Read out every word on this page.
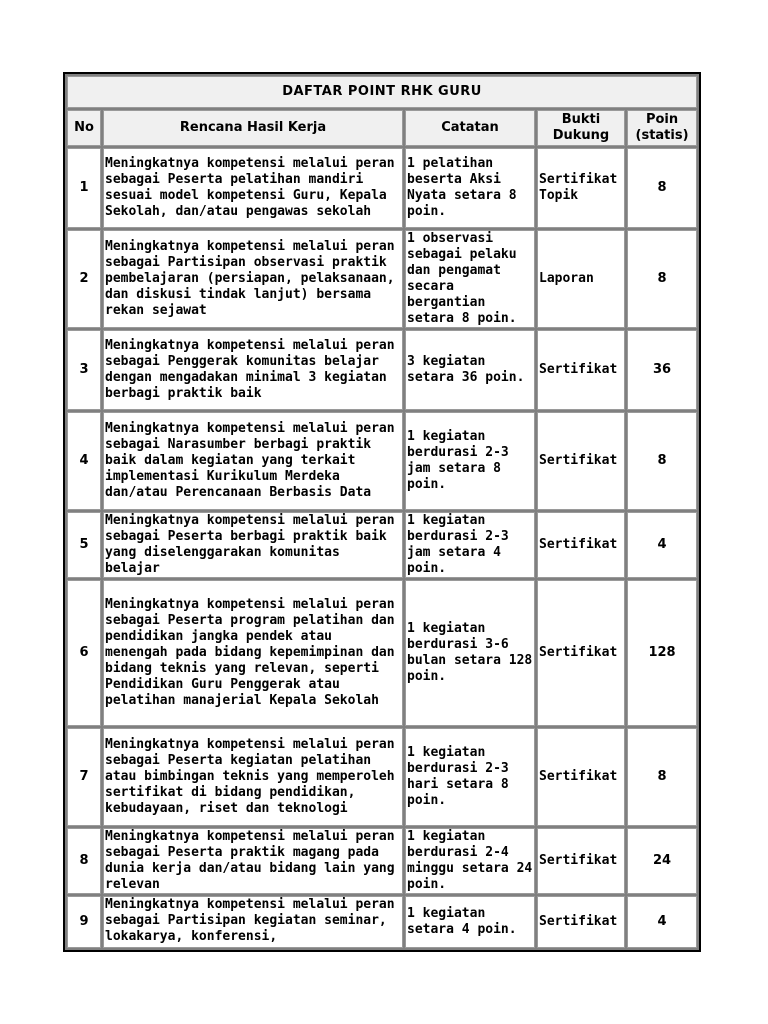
DAFTAR POINT RHK GURU				
No	Rencana Hasil Kerja	Catatan	Bukti Dukung	Poin (statis)
1	Meningkatnya kompetensi melalui peran sebagai Peserta pelatihan mandiri sesuai model kompetensi Guru, Kepala Sekolah, dan/atau pengawas sekolah	1 pelatihan beserta Aksi Nyata setara 8 poin.	Sertifikat Topik	8
2	Meningkatnya kompetensi melalui peran sebagai Partisipan observasi praktik pembelajaran (persiapan, pelaksanaan, dan diskusi tindak lanjut) bersama rekan sejawat	1 observasi sebagai pelaku dan pengamat secara bergantian setara 8 poin.	Laporan	8
3	Meningkatnya kompetensi melalui peran sebagai Penggerak komunitas belajar dengan mengadakan minimal 3 kegiatan berbagi praktik baik	3 kegiatan setara 36 poin.	Sertifikat	36
4	Meningkatnya kompetensi melalui peran sebagai Narasumber berbagi praktik baik dalam kegiatan yang terkait implementasi Kurikulum Merdeka dan/atau Perencanaan Berbasis Data	1 kegiatan berdurasi 2-3 jam setara 8 poin.	Sertifikat	8
5	Meningkatnya kompetensi melalui peran sebagai Peserta berbagi praktik baik yang diselenggarakan komunitas belajar	1 kegiatan berdurasi 2-3 jam setara 4 poin.	Sertifikat	4
6	Meningkatnya kompetensi melalui peran sebagai Peserta program pelatihan dan pendidikan jangka pendek atau menengah pada bidang kepemimpinan dan bidang teknis yang relevan, seperti Pendidikan Guru Penggerak atau pelatihan manajerial Kepala Sekolah	1 kegiatan berdurasi 3-6 bulan setara 128 poin.	Sertifikat	128
7	Meningkatnya kompetensi melalui peran sebagai Peserta kegiatan pelatihan atau bimbingan teknis yang memperoleh sertifikat di bidang pendidikan, kebudayaan, riset dan teknologi	1 kegiatan berdurasi 2-3 hari setara 8 poin.	Sertifikat	8
8	Meningkatnya kompetensi melalui peran sebagai Peserta praktik magang pada dunia kerja dan/atau bidang lain yang relevan	1 kegiatan berdurasi 2-4 minggu setara 24 poin.	Sertifikat	24
9	Meningkatnya kompetensi melalui peran sebagai Partisipan kegiatan seminar, lokakarya, konferensi,	1 kegiatan setara 4 poin.	Sertifikat	4
